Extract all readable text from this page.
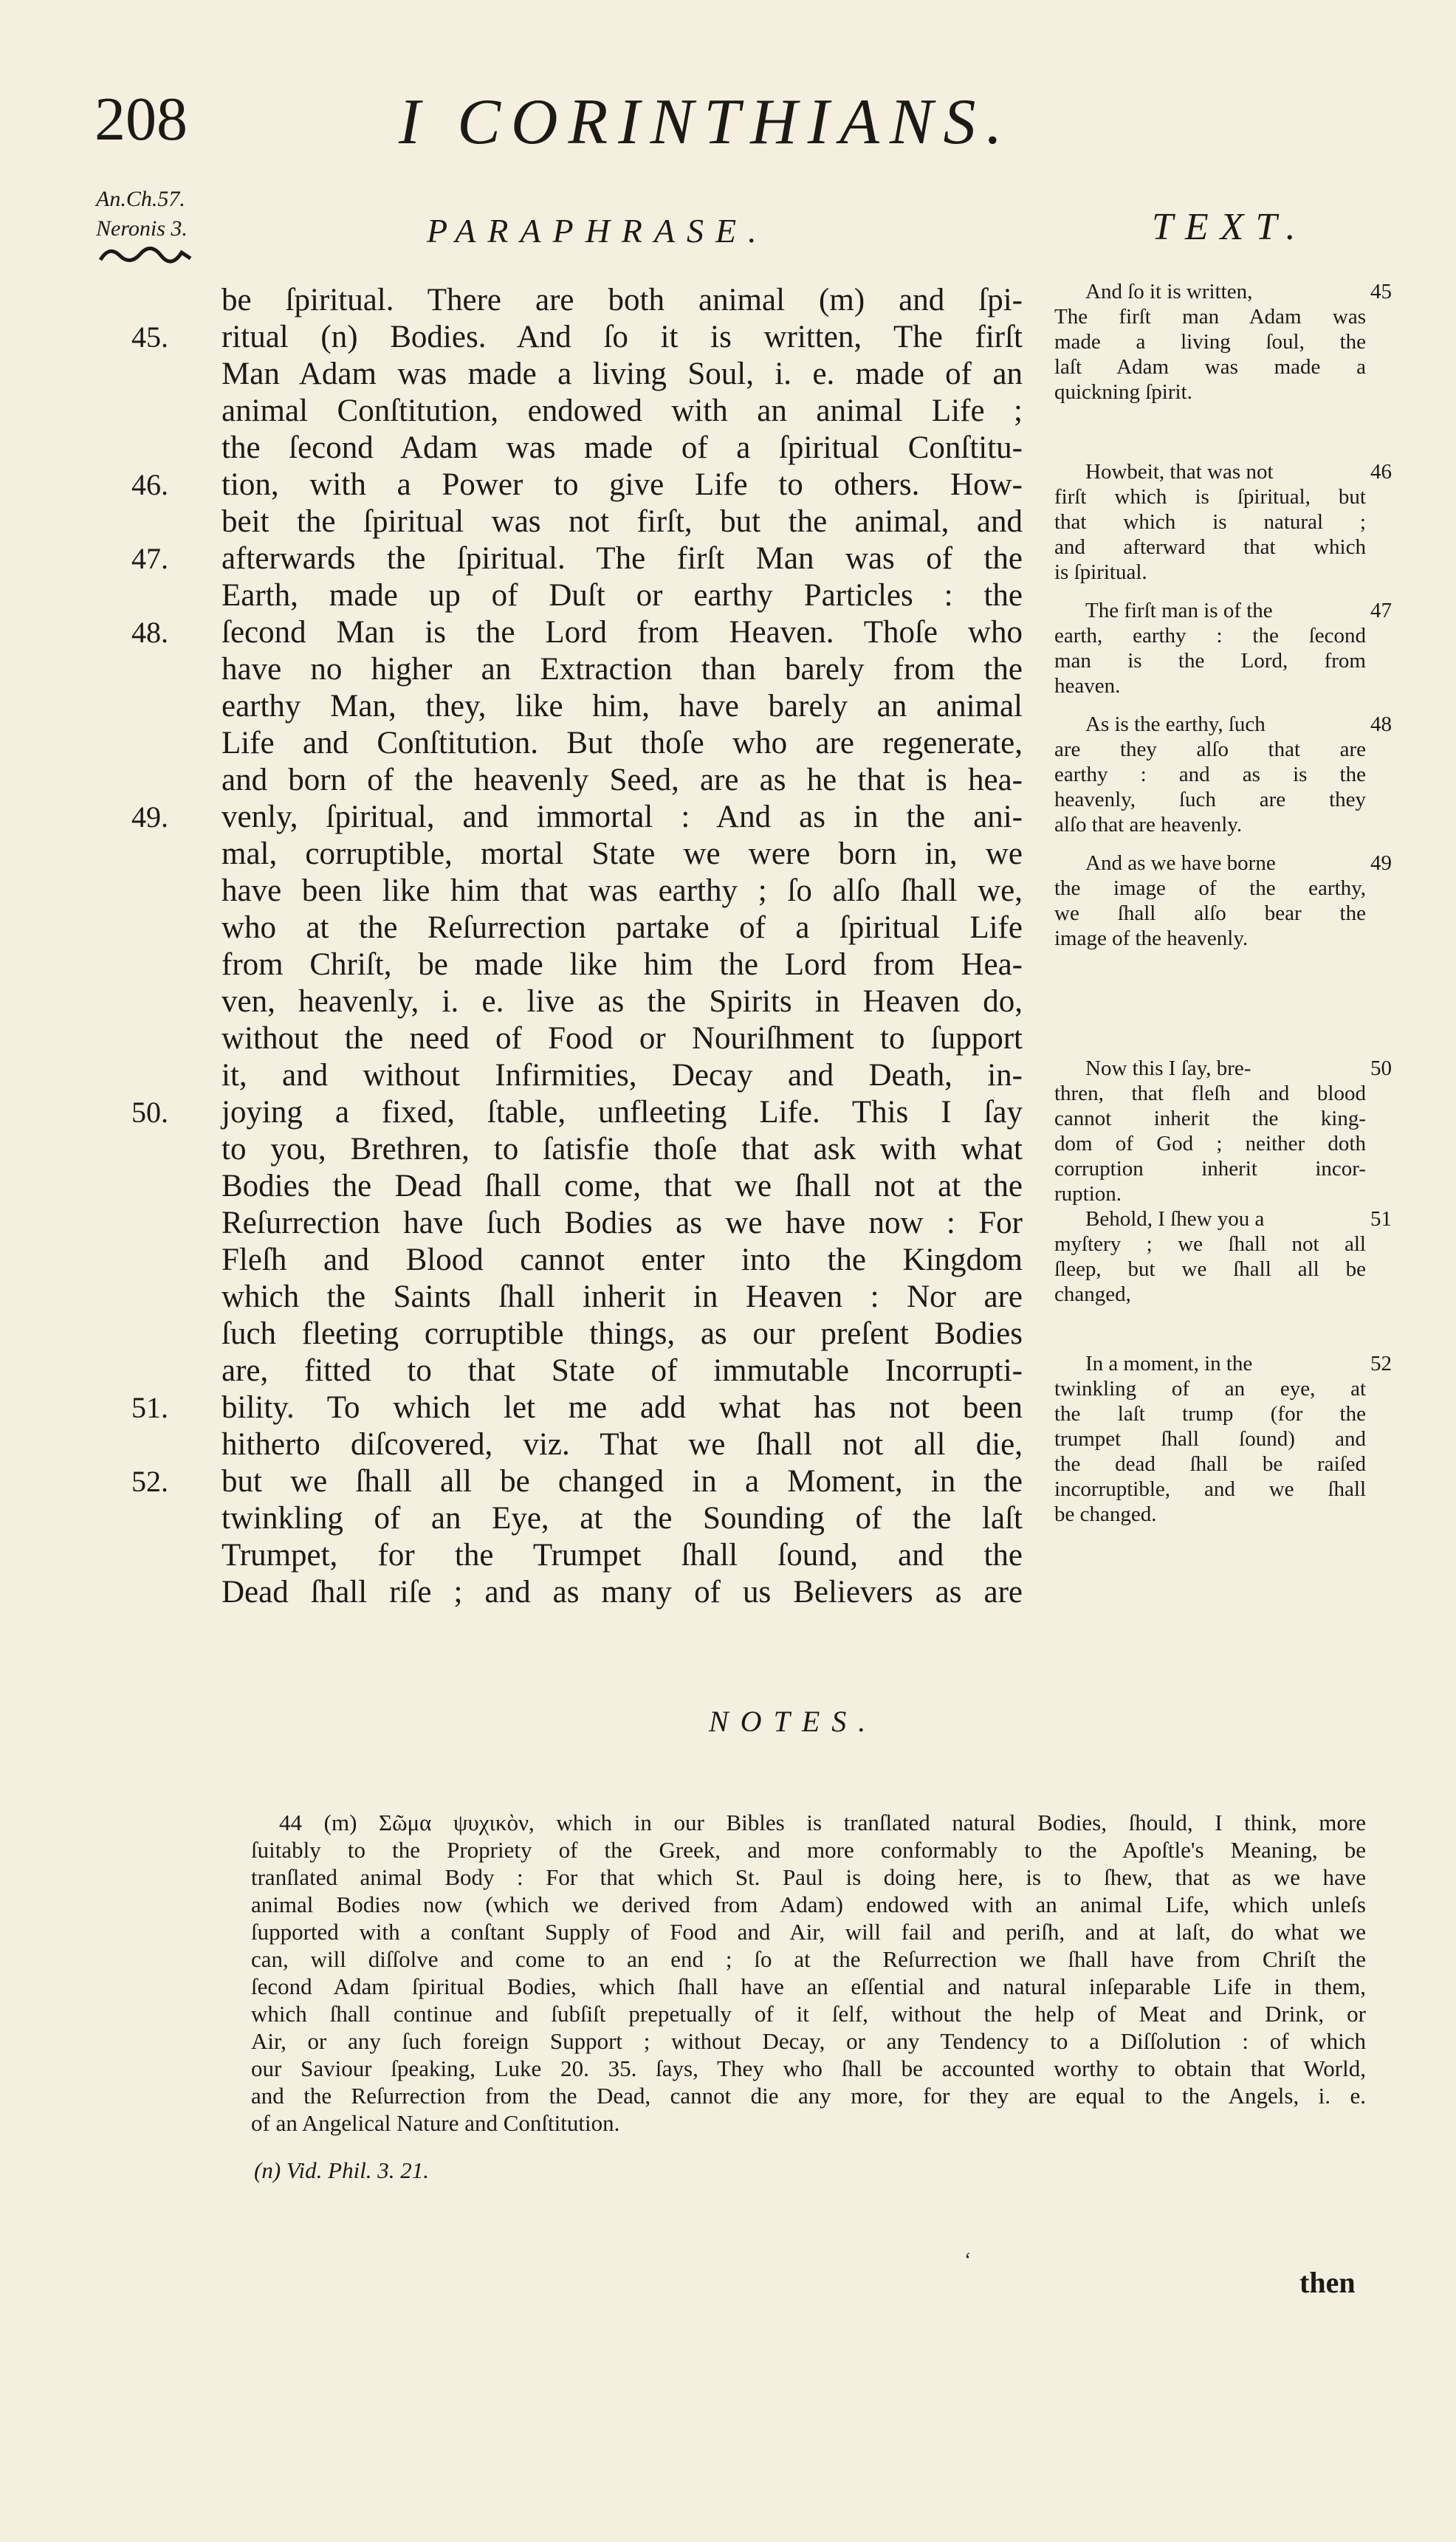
208	I CORINTHIANS.
An.Ch.57.
Neronis 3.	PARAPHRASE.	TEXT.
be ſpiritual. There are both animal (m) and ſpi-
ritual (n) Bodies. And ſo it is written, The firſt
Man Adam was made a living Soul, i. e. made of an
animal Conſtitution, endowed with an animal Life ;
the ſecond Adam was made of a ſpiritual Conſtitu-
tion, with a Power to give Life to others. How-
beit the ſpiritual was not firſt, but the animal, and
afterwards the ſpiritual. The firſt Man was of the
Earth, made up of Duſt or earthy Particles : the
ſecond Man is the Lord from Heaven. Thoſe who
have no higher an Extraction than barely from the
earthy Man, they, like him, have barely an animal
Life and Conſtitution. But thoſe who are regenerate,
and born of the heavenly Seed, are as he that is hea-
venly, ſpiritual, and immortal : And as in the ani-
mal, corruptible, mortal State we were born in, we
have been like him that was earthy ; ſo alſo ſhall we,
who at the Reſurrection partake of a ſpiritual Life
from Chriſt, be made like him the Lord from Hea-
ven, heavenly, i. e. live as the Spirits in Heaven do,
without the need of Food or Nouriſhment to ſupport
it, and without Infirmities, Decay and Death, in-
joying a fixed, ſtable, unfleeting Life. This I ſay
to you, Brethren, to ſatisfie thoſe that ask with what
Bodies the Dead ſhall come, that we ſhall not at the
Reſurrection have ſuch Bodies as we have now : For
Fleſh and Blood cannot enter into the Kingdom
which the Saints ſhall inherit in Heaven : Nor are
ſuch fleeting corruptible things, as our preſent Bodies
are, fitted to that State of immutable Incorrupti-
bility. To which let me add what has not been
hitherto diſcovered, viz. That we ſhall not all die,
but we ſhall all be changed in a Moment, in the
twinkling of an Eye, at the Sounding of the laſt
Trumpet, for the Trumpet ſhall ſound, and the
Dead ſhall riſe ; and as many of us Believers as are
45.
46.
47.
48.
49.
50.
51.
52.
And ſo it is written,
The firſt man Adam was
made a living ſoul, the
laſt Adam was made a
quickning ſpirit.
Howbeit, that was not
firſt which is ſpiritual, but
that which is natural ;
and afterward that which
is ſpiritual.
The firſt man is of the
earth, earthy : the ſecond
man is the Lord, from
heaven.
As is the earthy, ſuch
are they alſo that are
earthy : and as is the
heavenly, ſuch are they
alſo that are heavenly.
And as we have borne
the image of the earthy,
we ſhall alſo bear the
image of the heavenly.
Now this I ſay, bre-
thren, that fleſh and blood
cannot inherit the king-
dom of God ; neither doth
corruption inherit incor-
ruption.
Behold, I ſhew you a
myſtery ; we ſhall not all
ſleep, but we ſhall all be
changed,
In a moment, in the
twinkling of an eye, at
the laſt trump (for the
trumpet ſhall ſound) and
the dead ſhall be raiſed
incorruptible, and we ſhall
be changed.
45
46
47
48
49
50
51
52
NOTES.
44 (m) Σῶμα ψυχικὸν, which in our Bibles is tranſlated natural Bodies, ſhould, I think, more
ſuitably to the Propriety of the Greek, and more conformably to the Apoſtle's Meaning, be
tranſlated animal Body : For that which St. Paul is doing here, is to ſhew, that as we have
animal Bodies now (which we derived from Adam) endowed with an animal Life, which unleſs
ſupported with a conſtant Supply of Food and Air, will fail and periſh, and at laſt, do what we
can, will diſſolve and come to an end ; ſo at the Reſurrection we ſhall have from Chriſt the
ſecond Adam ſpiritual Bodies, which ſhall have an eſſential and natural inſeparable Life in them,
which ſhall continue and ſubſiſt prepetually of it ſelf, without the help of Meat and Drink, or
Air, or any ſuch foreign Support ; without Decay, or any Tendency to a Diſſolution : of which
our Saviour ſpeaking, Luke 20. 35. ſays, They who ſhall be accounted worthy to obtain that World,
and the Reſurrection from the Dead, cannot die any more, for they are equal to the Angels, i. e.
of an Angelical Nature and Conſtitution.
(n) Vid. Phil. 3. 21.
ʻ
then
